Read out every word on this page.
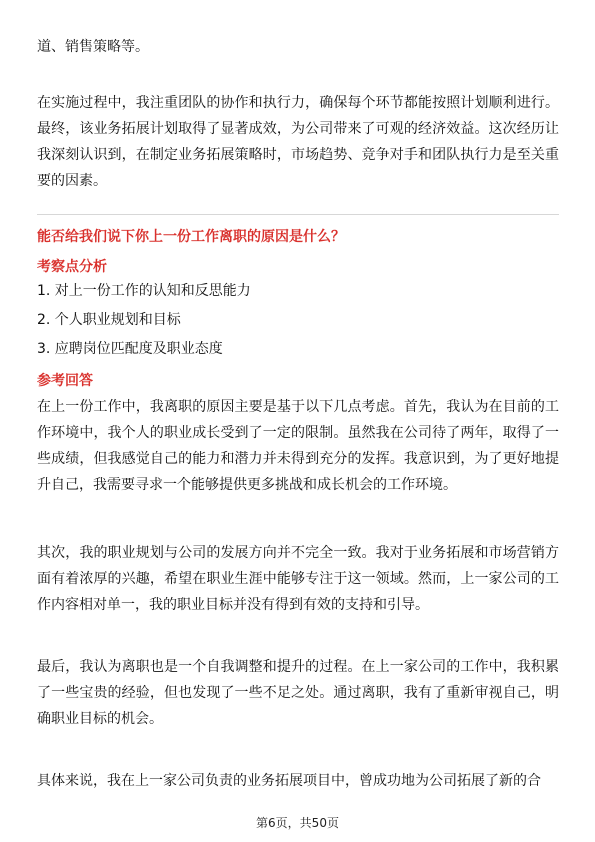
道、销售策略等。

在实施过程中，我注重团队的协作和执行力，确保每个环节都能按照计划顺利进行。最终，该业务拓展计划取得了显著成效，为公司带来了可观的经济效益。这次经历让我深刻认识到，在制定业务拓展策略时，市场趋势、竞争对手和团队执行力是至关重要的因素。

能否给我们说下你上一份工作离职的原因是什么？

考察点分析

1. 对上一份工作的认知和反思能力

2. 个人职业规划和目标

3. 应聘岗位匹配度及职业态度

参考回答

在上一份工作中，我离职的原因主要是基于以下几点考虑。首先，我认为在目前的工作环境中，我个人的职业成长受到了一定的限制。虽然我在公司待了两年，取得了一些成绩，但我感觉自己的能力和潜力并未得到充分的发挥。我意识到，为了更好地提升自己，我需要寻求一个能够提供更多挑战和成长机会的工作环境。

其次，我的职业规划与公司的发展方向并不完全一致。我对于业务拓展和市场营销方面有着浓厚的兴趣，希望在职业生涯中能够专注于这一领域。然而，上一家公司的工作内容相对单一，我的职业目标并没有得到有效的支持和引导。

最后，我认为离职也是一个自我调整和提升的过程。在上一家公司的工作中，我积累了一些宝贵的经验，但也发现了一些不足之处。通过离职，我有了重新审视自己，明确职业目标的机会。

具体来说，我在上一家公司负责的业务拓展项目中，曾成功地为公司拓展了新的合

第6页，共50页
